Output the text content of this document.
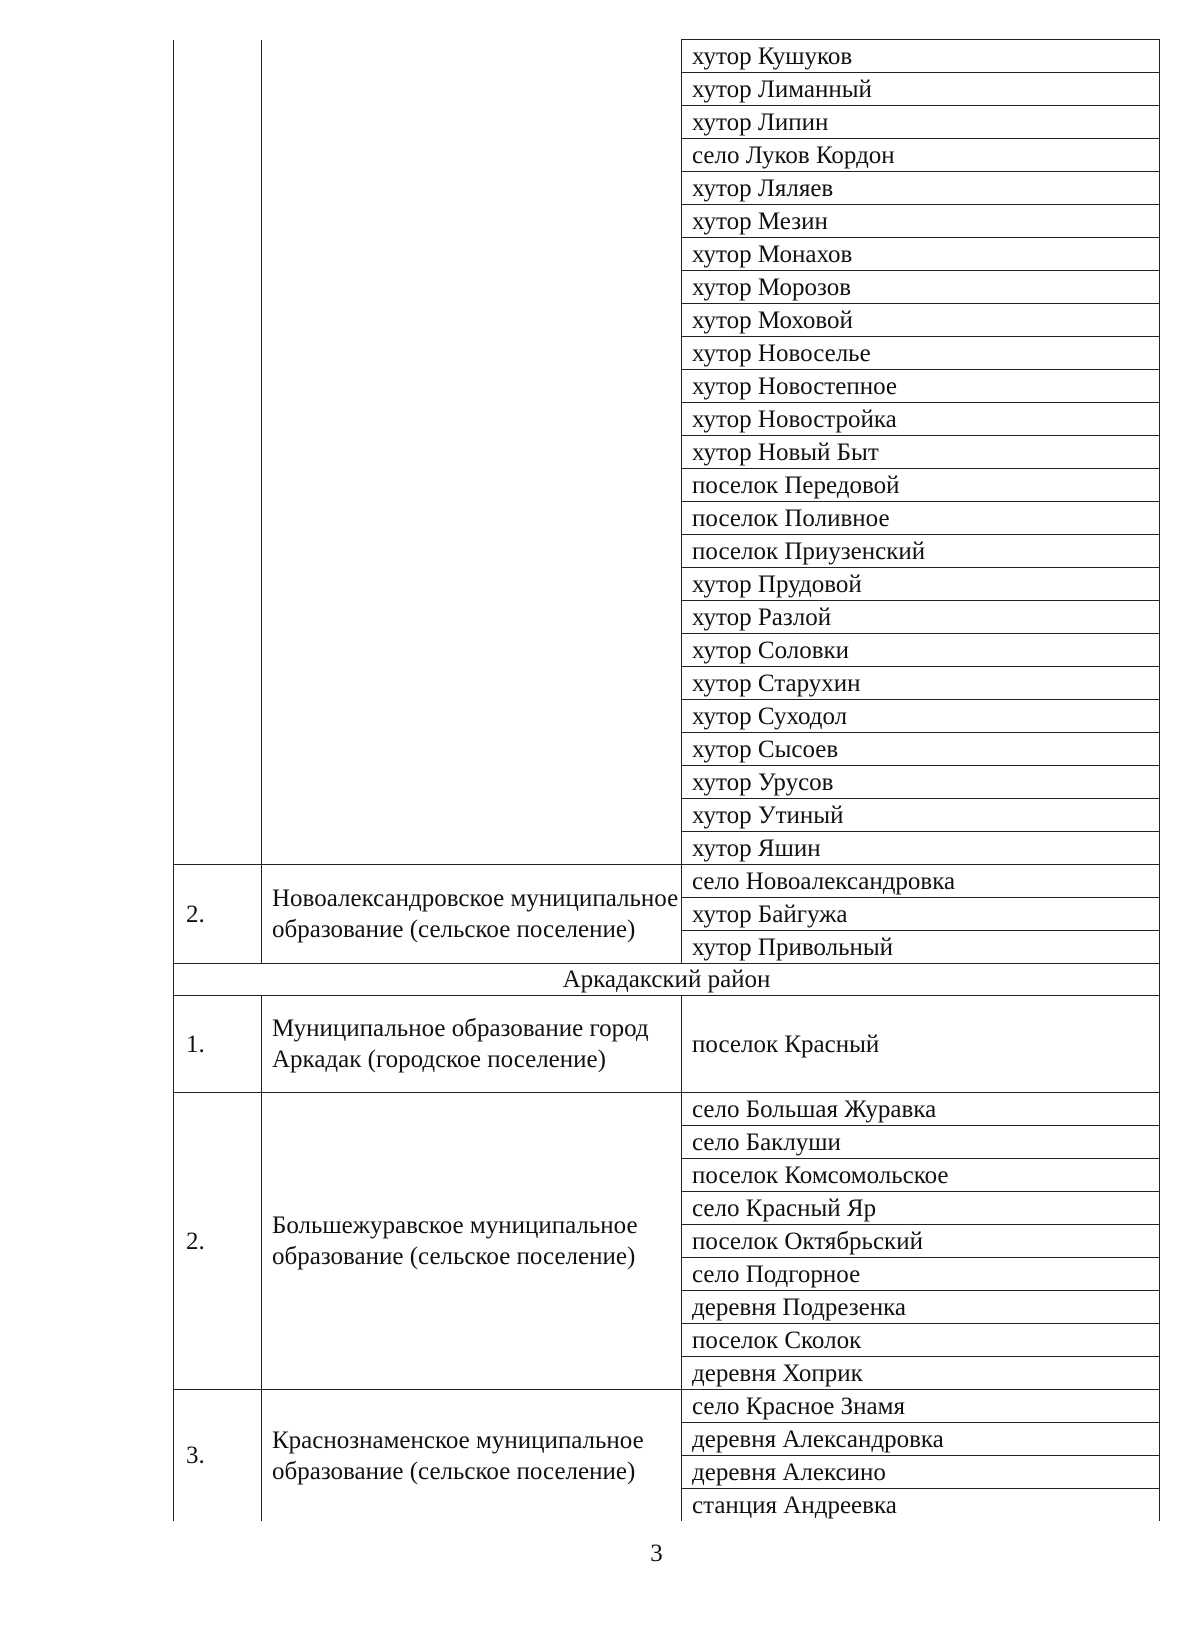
		хутор Кушуков
		хутор Лиманный
		хутор Липин
		село Луков Кордон
		хутор Ляляев
		хутор Мезин
		хутор Монахов
		хутор Морозов
		хутор Моховой
		хутор Новоселье
		хутор Новостепное
		хутор Новостройка
		хутор Новый Быт
		поселок Передовой
		поселок Поливное
		поселок Приузенский
		хутор Прудовой
		хутор Разлой
		хутор Соловки
		хутор Старухин
		хутор Суходол
		хутор Сысоев
		хутор Урусов
		хутор Утиный
		хутор Яшин
2.	Новоалександровское муниципальное образование (сельское поселение)	село Новоалександровка
		хутор Байгужа
		хутор Привольный
Аркадакский район		
1.	Муниципальное образование город Аркадак (городское поселение)	поселок Красный
2.	Большежуравское муниципальное образование (сельское поселение)	село Большая Журавка
		село Баклуши
		поселок Комсомольское
		село Красный Яр
		поселок Октябрьский
		село Подгорное
		деревня Подрезенка
		поселок Сколок
		деревня Хоприк
3.	Краснознаменское муниципальное образование (сельское поселение)	село Красное Знамя
		деревня Александровка
		деревня Алексино
		станция Андреевка
3
